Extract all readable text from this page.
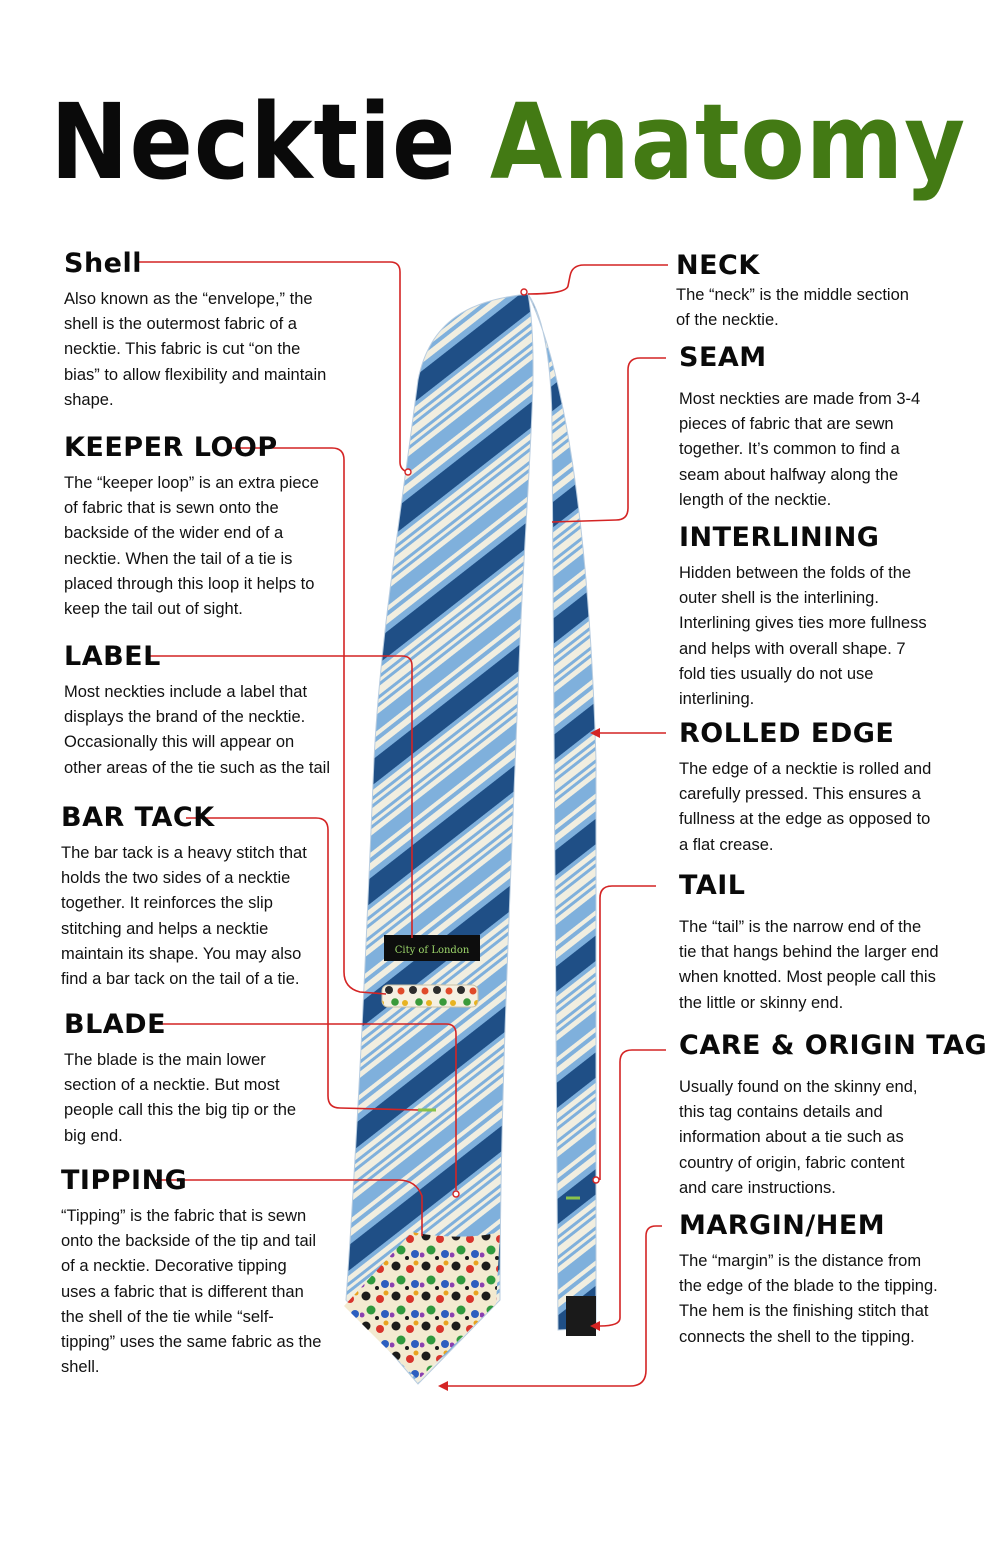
Necktie Anatomy
City of London
Shell

Also known as the “envelope,” the shell is the outermost fabric of a necktie. This fabric is cut “on the bias” to allow flexibility and maintain shape.

KEEPER LOOP

The “keeper loop” is an extra piece of fabric that is sewn onto the backside of the wider end of a necktie. When the tail of a tie is placed through this loop it helps to keep the tail out of sight.

LABEL

Most neckties include a label that displays the brand of the necktie. Occasionally this will appear on other areas of the tie such as the tail

BAR TACK

The bar tack is a heavy stitch that holds the two sides of a necktie together. It reinforces the slip stitching and helps a necktie maintain its shape. You may also find a bar tack on the tail of a tie.

BLADE

The blade is the main lower section of a necktie. But most people call this the big tip or the big end.

TIPPING

“Tipping” is the fabric that is sewn onto the backside of the tip and tail of a necktie. Decorative tipping uses a fabric that is different than the shell of the tie while “self-tipping” uses the same fabric as the shell.

NECK

The “neck” is the middle section of the necktie.

SEAM

Most neckties are made from 3-4 pieces of fabric that are sewn together. It’s common to find a seam about halfway along the length of the necktie.

INTERLINING

Hidden between the folds of the outer shell is the interlining. Interlining gives ties more fullness and helps with overall shape. 7 fold ties usually do not use interlining.

ROLLED EDGE

The edge of a necktie is rolled and carefully pressed. This ensures a fullness at the edge as opposed to a flat crease.

TAIL

The “tail” is the narrow end of the tie that hangs behind the larger end when knotted. Most people call this the little or skinny end.

CARE & ORIGIN TAG

Usually found on the skinny end, this tag contains details and information about a tie such as country of origin, fabric content and care instructions.

MARGIN/HEM

The “margin” is the distance from the edge of the blade to the tipping. The hem is the finishing stitch that connects the shell to the tipping.
